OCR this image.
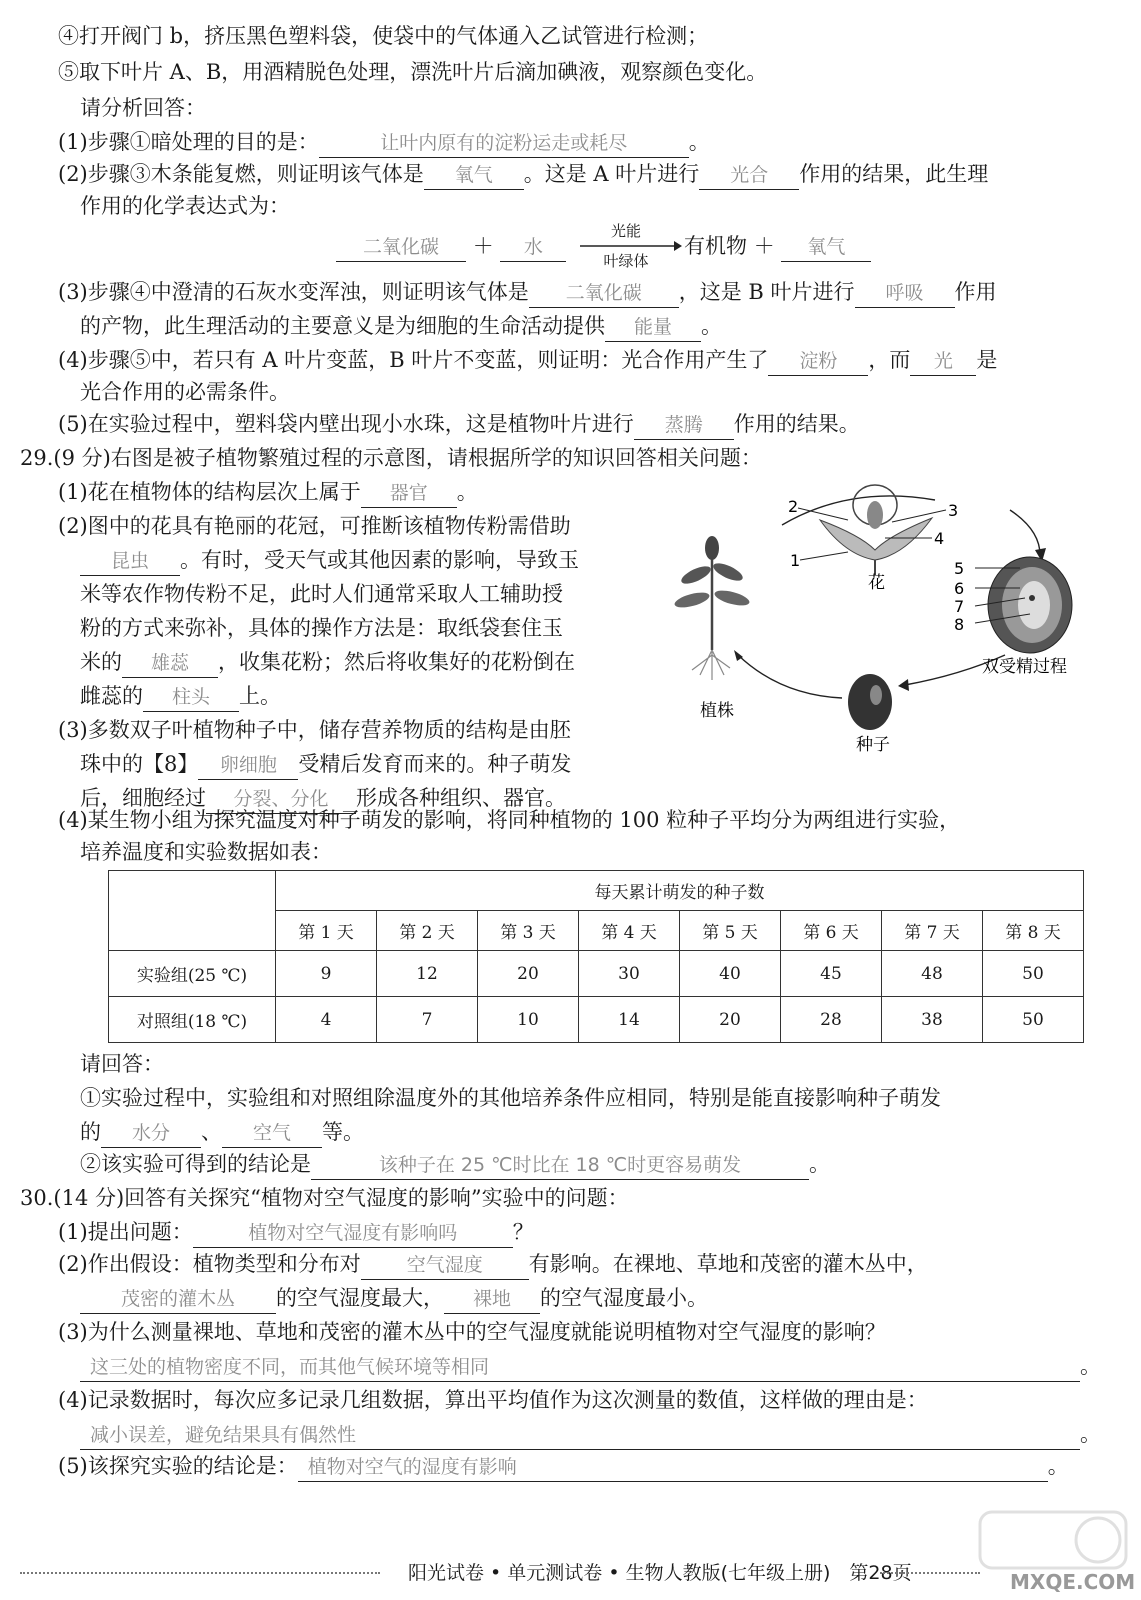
④打开阀门 b，挤压黑色塑料袋，使袋中的气体通入乙试管进行检测；
⑤取下叶片 A、B，用酒精脱色处理，漂洗叶片后滴加碘液，观察颜色变化。
请分析回答：
(1)步骤①暗处理的目的是：	让叶内原有的淀粉运走或耗尽	。
(2)步骤③木条能复燃，则证明该气体是 氧气 。这是 A 叶片进行 光合 作用的结果，此生理
作用的化学表达式为：
二氧化碳 ＋ 水
光能
叶绿体
有机物 ＋ 氧气
(3)步骤④中澄清的石灰水变浑浊，则证明该气体是 二氧化碳 ，这是 B 叶片进行 呼吸 作用
的产物，此生理活动的主要意义是为细胞的生命活动提供 能量 。
(4)步骤⑤中，若只有 A 叶片变蓝，B 叶片不变蓝，则证明：光合作用产生了 淀粉 ，而 光 是
光合作用的必需条件。
(5)在实验过程中，塑料袋内壁出现小水珠，这是植物叶片进行 蒸腾 作用的结果。
29.(9 分)右图是被子植物繁殖过程的示意图，请根据所学的知识回答相关问题：
(1)花在植物体的结构层次上属于 器官 。
(2)图中的花具有艳丽的花冠，可推断该植物传粉需借助
昆虫 。有时，受天气或其他因素的影响，导致玉
米等农作物传粉不足，此时人们通常采取人工辅助授
粉的方式来弥补，具体的操作方法是：取纸袋套住玉
米的 雄蕊 ，收集花粉；然后将收集好的花粉倒在
雌蕊的 柱头 上。
(3)多数双子叶植物种子中，储存营养物质的结构是由胚
珠中的【8】 卵细胞 受精后发育而来的。种子萌发
后，细胞经过 分裂、分化 形成各种组织、器官。
2	3
4
1
花
5
6
7
8
双受精过程
种子
植株
(4)某生物小组为探究温度对种子萌发的影响，将同种植物的 100 粒种子平均分为两组进行实验，
培养温度和实验数据如表：
	每天累计萌发的种子数							
	第 1 天	第 2 天	第 3 天	第 4 天	第 5 天	第 6 天	第 7 天	第 8 天
实验组(25 ℃)	9	12	20	30	40	45	48	50
对照组(18 ℃)	4	7	10	14	20	28	38	50
请回答：
①实验过程中，实验组和对照组除温度外的其他培养条件应相同，特别是能直接影响种子萌发
的 水分 、 空气 等。
②该实验可得到的结论是	该种子在 25 ℃时比在 18 ℃时更容易萌发	。
30.(14 分)回答有关探究“植物对空气湿度的影响”实验中的问题：
(1)提出问题：	植物对空气湿度有影响吗	？
(2)作出假设：植物类型和分布对 空气湿度 有影响。在裸地、草地和茂密的灌木丛中，
茂密的灌木丛 的空气湿度最大， 裸地 的空气湿度最小。
(3)为什么测量裸地、草地和茂密的灌木丛中的空气湿度就能说明植物对空气湿度的影响？
这三处的植物密度不同，而其他气候环境等相同	。
(4)记录数据时，每次应多记录几组数据，算出平均值作为这次测量的数值，这样做的理由是：
减小误差，避免结果具有偶然性	。
(5)该探究实验的结论是： 植物对空气的湿度有影响	。
阳光试卷 • 单元测试卷 • 生物人教版(七年级上册)　第28页	MXQE.COM
